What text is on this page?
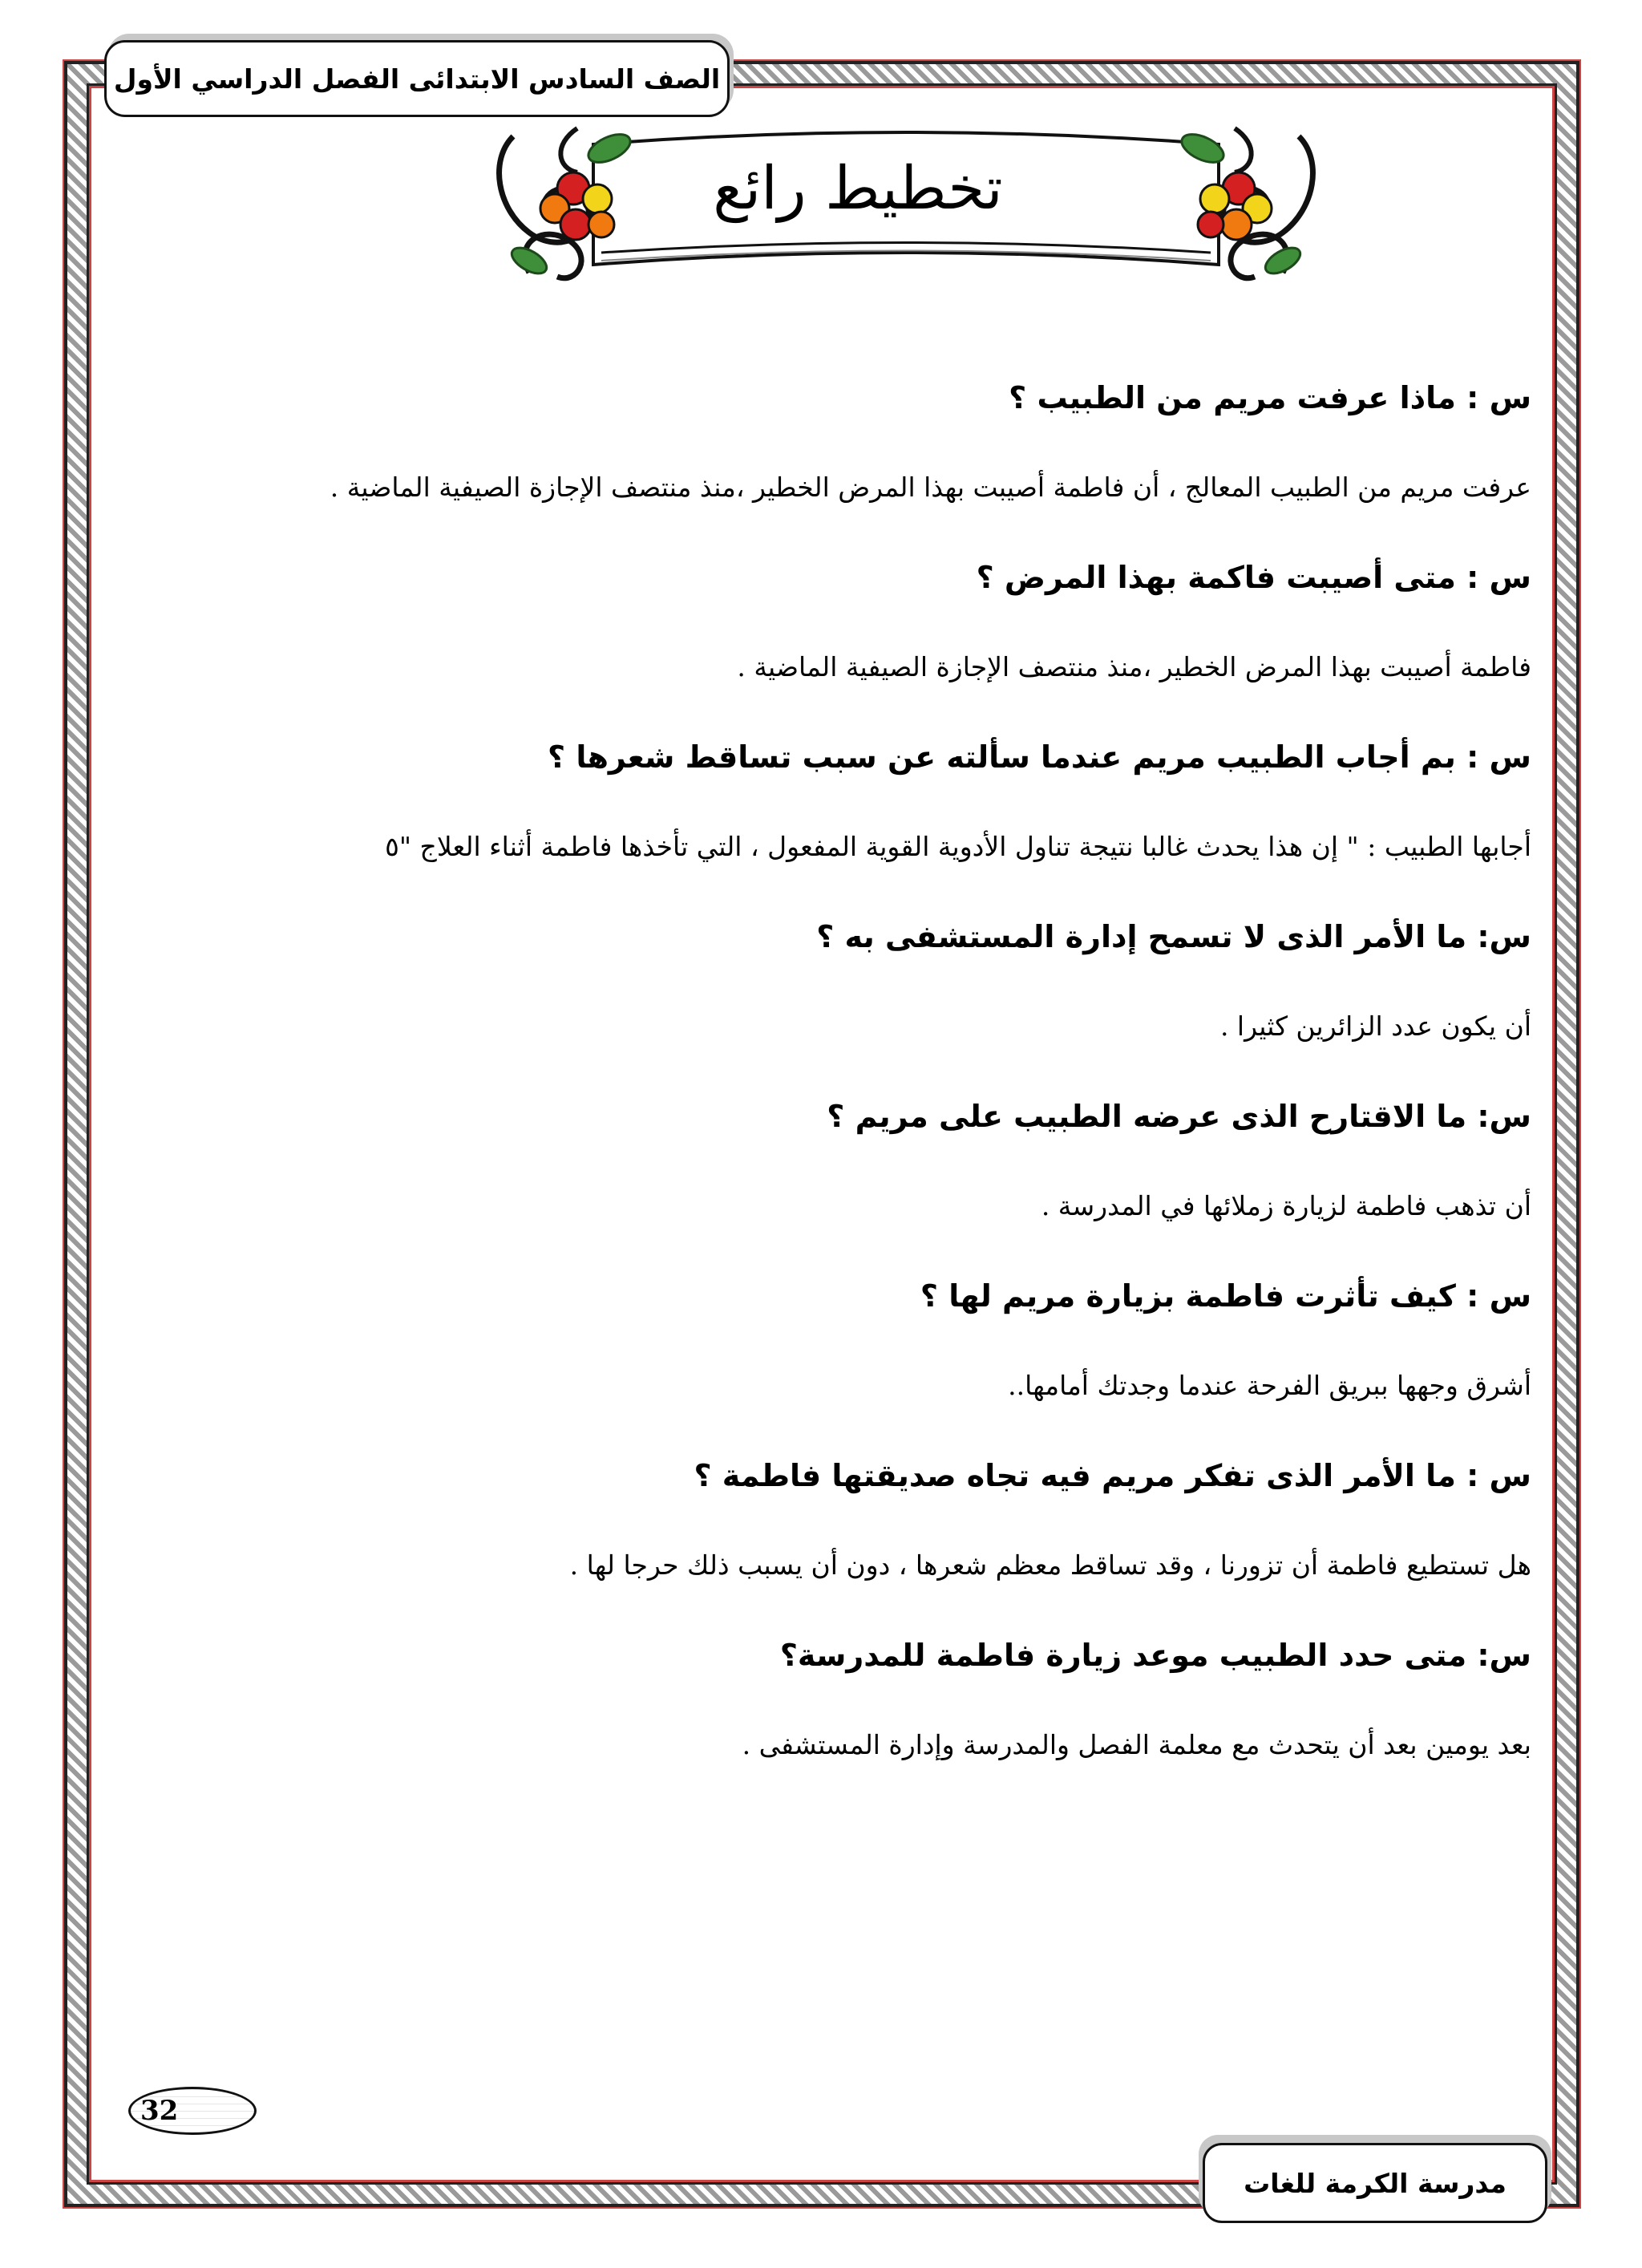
الصف السادس الابتدائى الفصل الدراسي الأول
تخطيط رائع
س : ماذا عرفت مريم من الطبيب ؟
عرفت مريم من الطبيب المعالج ، أن فاطمة أصيبت بهذا المرض الخطير ،منذ منتصف الإجازة الصيفية الماضية .
س : متى أصيبت فاكمة بهذا المرض ؟
فاطمة أصيبت بهذا المرض الخطير ،منذ منتصف الإجازة الصيفية الماضية .
س : بم أجاب الطبيب مريم عندما سألته عن سبب تساقط شعرها ؟
أجابها الطبيب : " إن هذا يحدث غالبا نتيجة تناول الأدوية القوية المفعول ، التي تأخذها فاطمة أثناء العلاج "٥
س: ما الأمر الذى لا تسمح إدارة المستشفى به ؟
أن يكون عدد الزائرين كثيرا .
س: ما الاقتارح الذى عرضه الطبيب على مريم ؟
أن تذهب فاطمة لزيارة زملائها في المدرسة .
س : كيف تأثرت فاطمة بزيارة مريم لها ؟
أشرق وجهها ببريق الفرحة عندما وجدتك أمامها..
س : ما الأمر الذى تفكر مريم فيه تجاه صديقتها فاطمة ؟
هل تستطيع فاطمة أن تزورنا ، وقد تساقط معظم شعرها ، دون أن يسبب ذلك حرجا لها .
س: متى حدد الطبيب موعد زيارة فاطمة للمدرسة؟
بعد يومين بعد أن يتحدث مع معلمة الفصل والمدرسة وإدارة المستشفى .
32
مدرسة الكرمة للغات
